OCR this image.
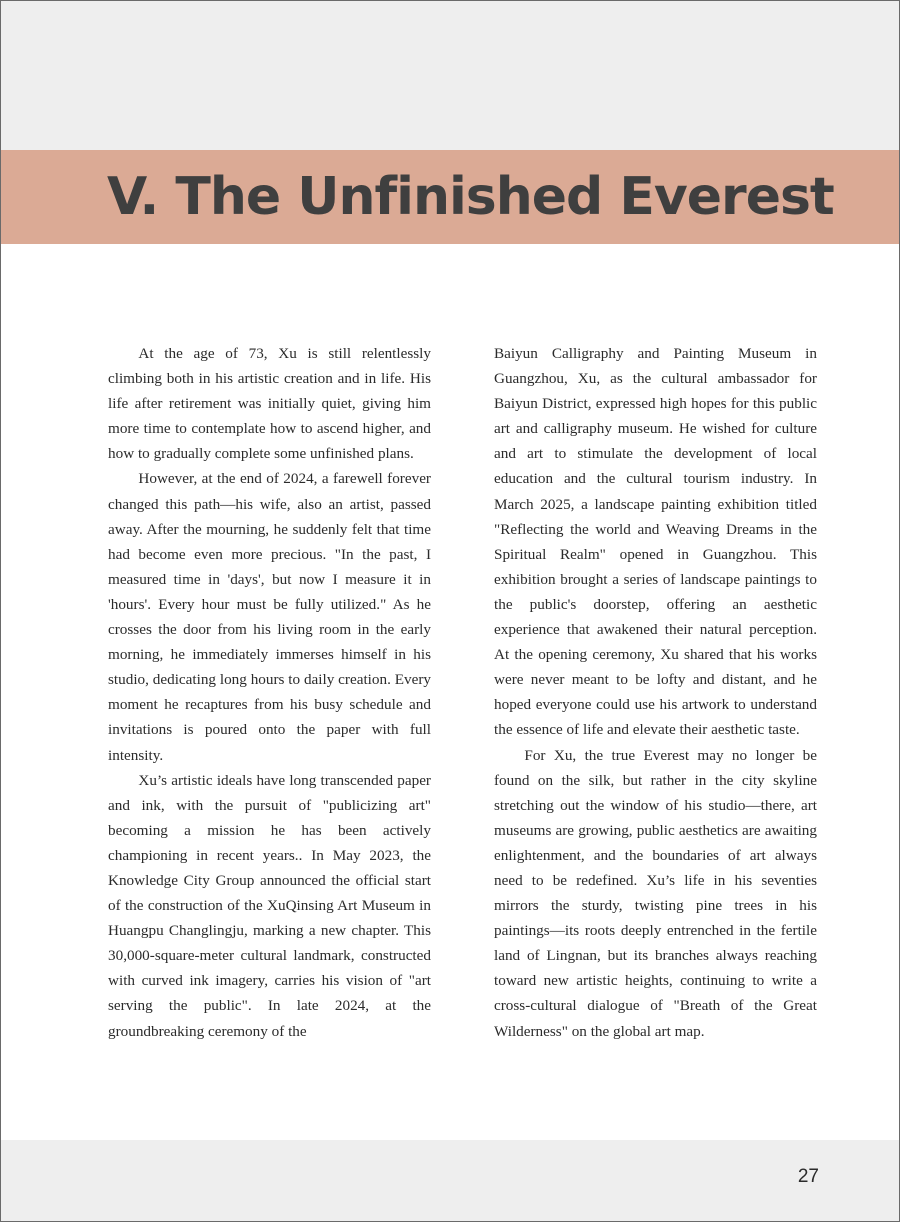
V. The Unfinished Everest

At the age of 73, Xu is still relentlessly climbing both in his artistic creation and in life. His life after retirement was initially quiet, giving him more time to contemplate how to ascend higher, and how to gradually complete some unfinished plans.

However, at the end of 2024, a farewell forever changed this path—his wife, also an artist, passed away. After the mourning, he suddenly felt that time had become even more precious. "In the past, I measured time in 'days', but now I measure it in 'hours'. Every hour must be fully utilized." As he crosses the door from his living room in the early morning, he immediately immerses himself in his studio, dedicating long hours to daily creation. Every moment he recaptures from his busy schedule and invitations is poured onto the paper with full intensity.

Xu’s artistic ideals have long transcended paper and ink, with the pursuit of "publicizing art" becoming a mission he has been actively championing in recent years.. In May 2023, the Knowledge City Group announced the official start of the construction of the XuQinsing Art Museum in Huangpu Changlingju, marking a new chapter. This 30,000-square-meter cultural landmark, constructed with curved ink imagery, carries his vision of "art serving the public". In late 2024, at the groundbreaking ceremony of the

Baiyun Calligraphy and Painting Museum in Guangzhou, Xu, as the cultural ambassador for Baiyun District, expressed high hopes for this public art and calligraphy museum. He wished for culture and art to stimulate the development of local education and the cultural tourism industry. In March 2025, a landscape painting exhibition titled "Reflecting the world and Weaving Dreams in the Spiritual Realm" opened in Guangzhou. This exhibition brought a series of landscape paintings to the public's doorstep, offering an aesthetic experience that awakened their natural perception. At the opening ceremony, Xu shared that his works were never meant to be lofty and distant, and he hoped everyone could use his artwork to understand the essence of life and elevate their aesthetic taste.

For Xu, the true Everest may no longer be found on the silk, but rather in the city skyline stretching out the window of his studio—there, art museums are growing, public aesthetics are awaiting enlightenment, and the boundaries of art always need to be redefined. Xu’s life in his seventies mirrors the sturdy, twisting pine trees in his paintings—its roots deeply entrenched in the fertile land of Lingnan, but its branches always reaching toward new artistic heights, continuing to write a cross-cultural dialogue of "Breath of the Great Wilderness" on the global art map.

27
